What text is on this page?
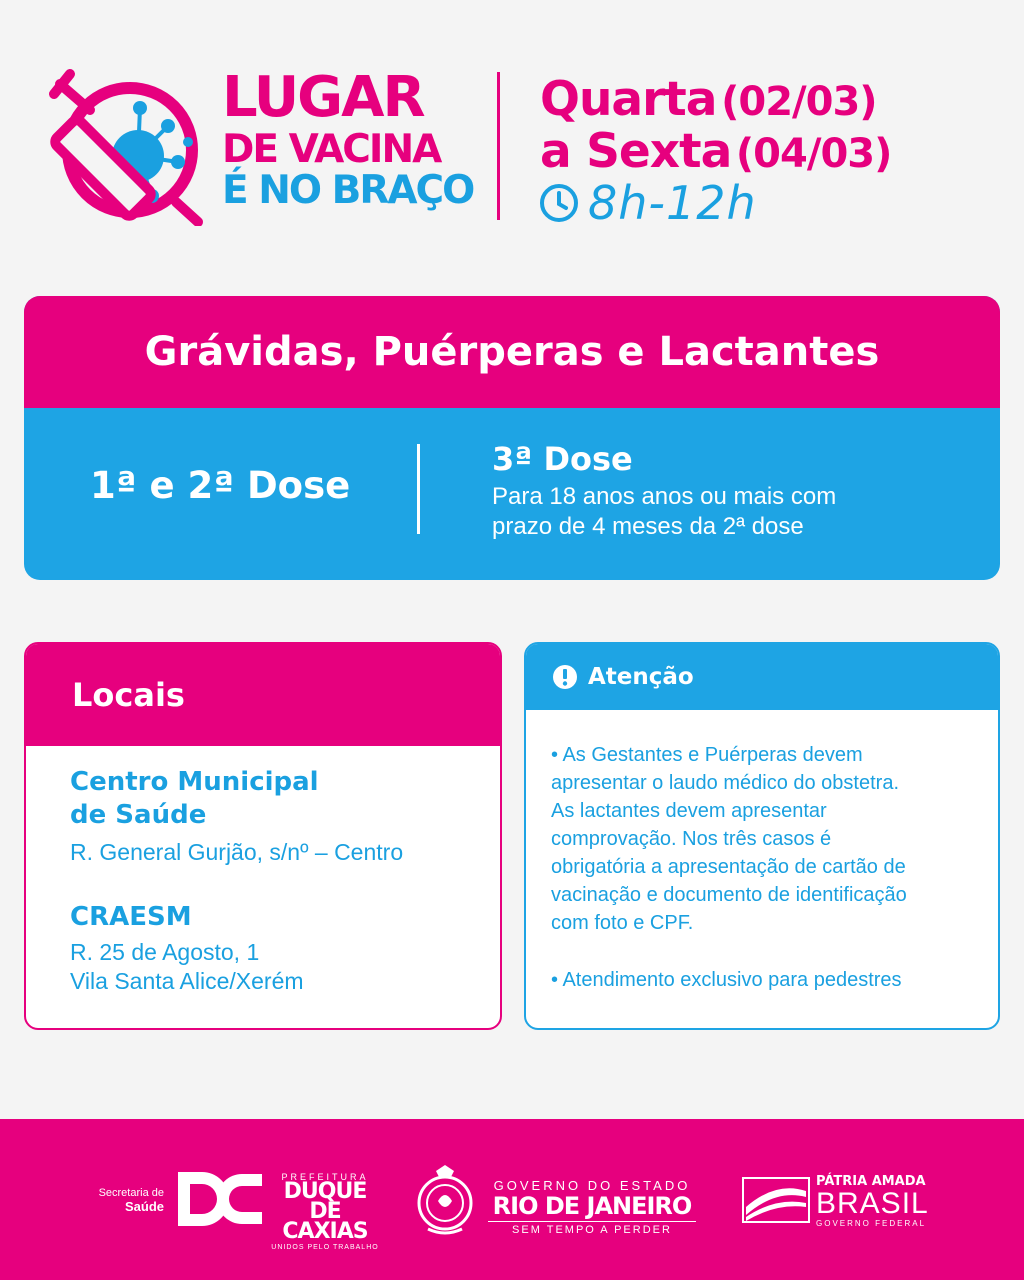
LUGAR
DE VACINA
É NO BRAÇO
Quarta (02/03)
a Sexta (04/03)
8h-12h
Grávidas, Puérperas e Lactantes
1ª e 2ª Dose
3ª Dose
Para 18 anos anos ou mais com
prazo de 4 meses da 2ª dose
Locais
Centro Municipal
de Saúde
R. General Gurjão, s/nº – Centro
CRAESM
R. 25 de Agosto, 1
Vila Santa Alice/Xerém
Atenção
• As Gestantes e Puérperas devem
apresentar o laudo médico do obstetra.
As lactantes devem apresentar
comprovação. Nos três casos é
obrigatória a apresentação de cartão de
vacinação e documento de identificação
com foto e CPF.
• Atendimento exclusivo para pedestres
Secretaria de
Saúde
PREFEITURA
DUQUE DE
CAXIAS
UNIDOS PELO TRABALHO
GOVERNO DO ESTADO
RIO DE JANEIRO
SEM TEMPO A PERDER
PÁTRIA AMADA
BRASIL
GOVERNO FEDERAL
